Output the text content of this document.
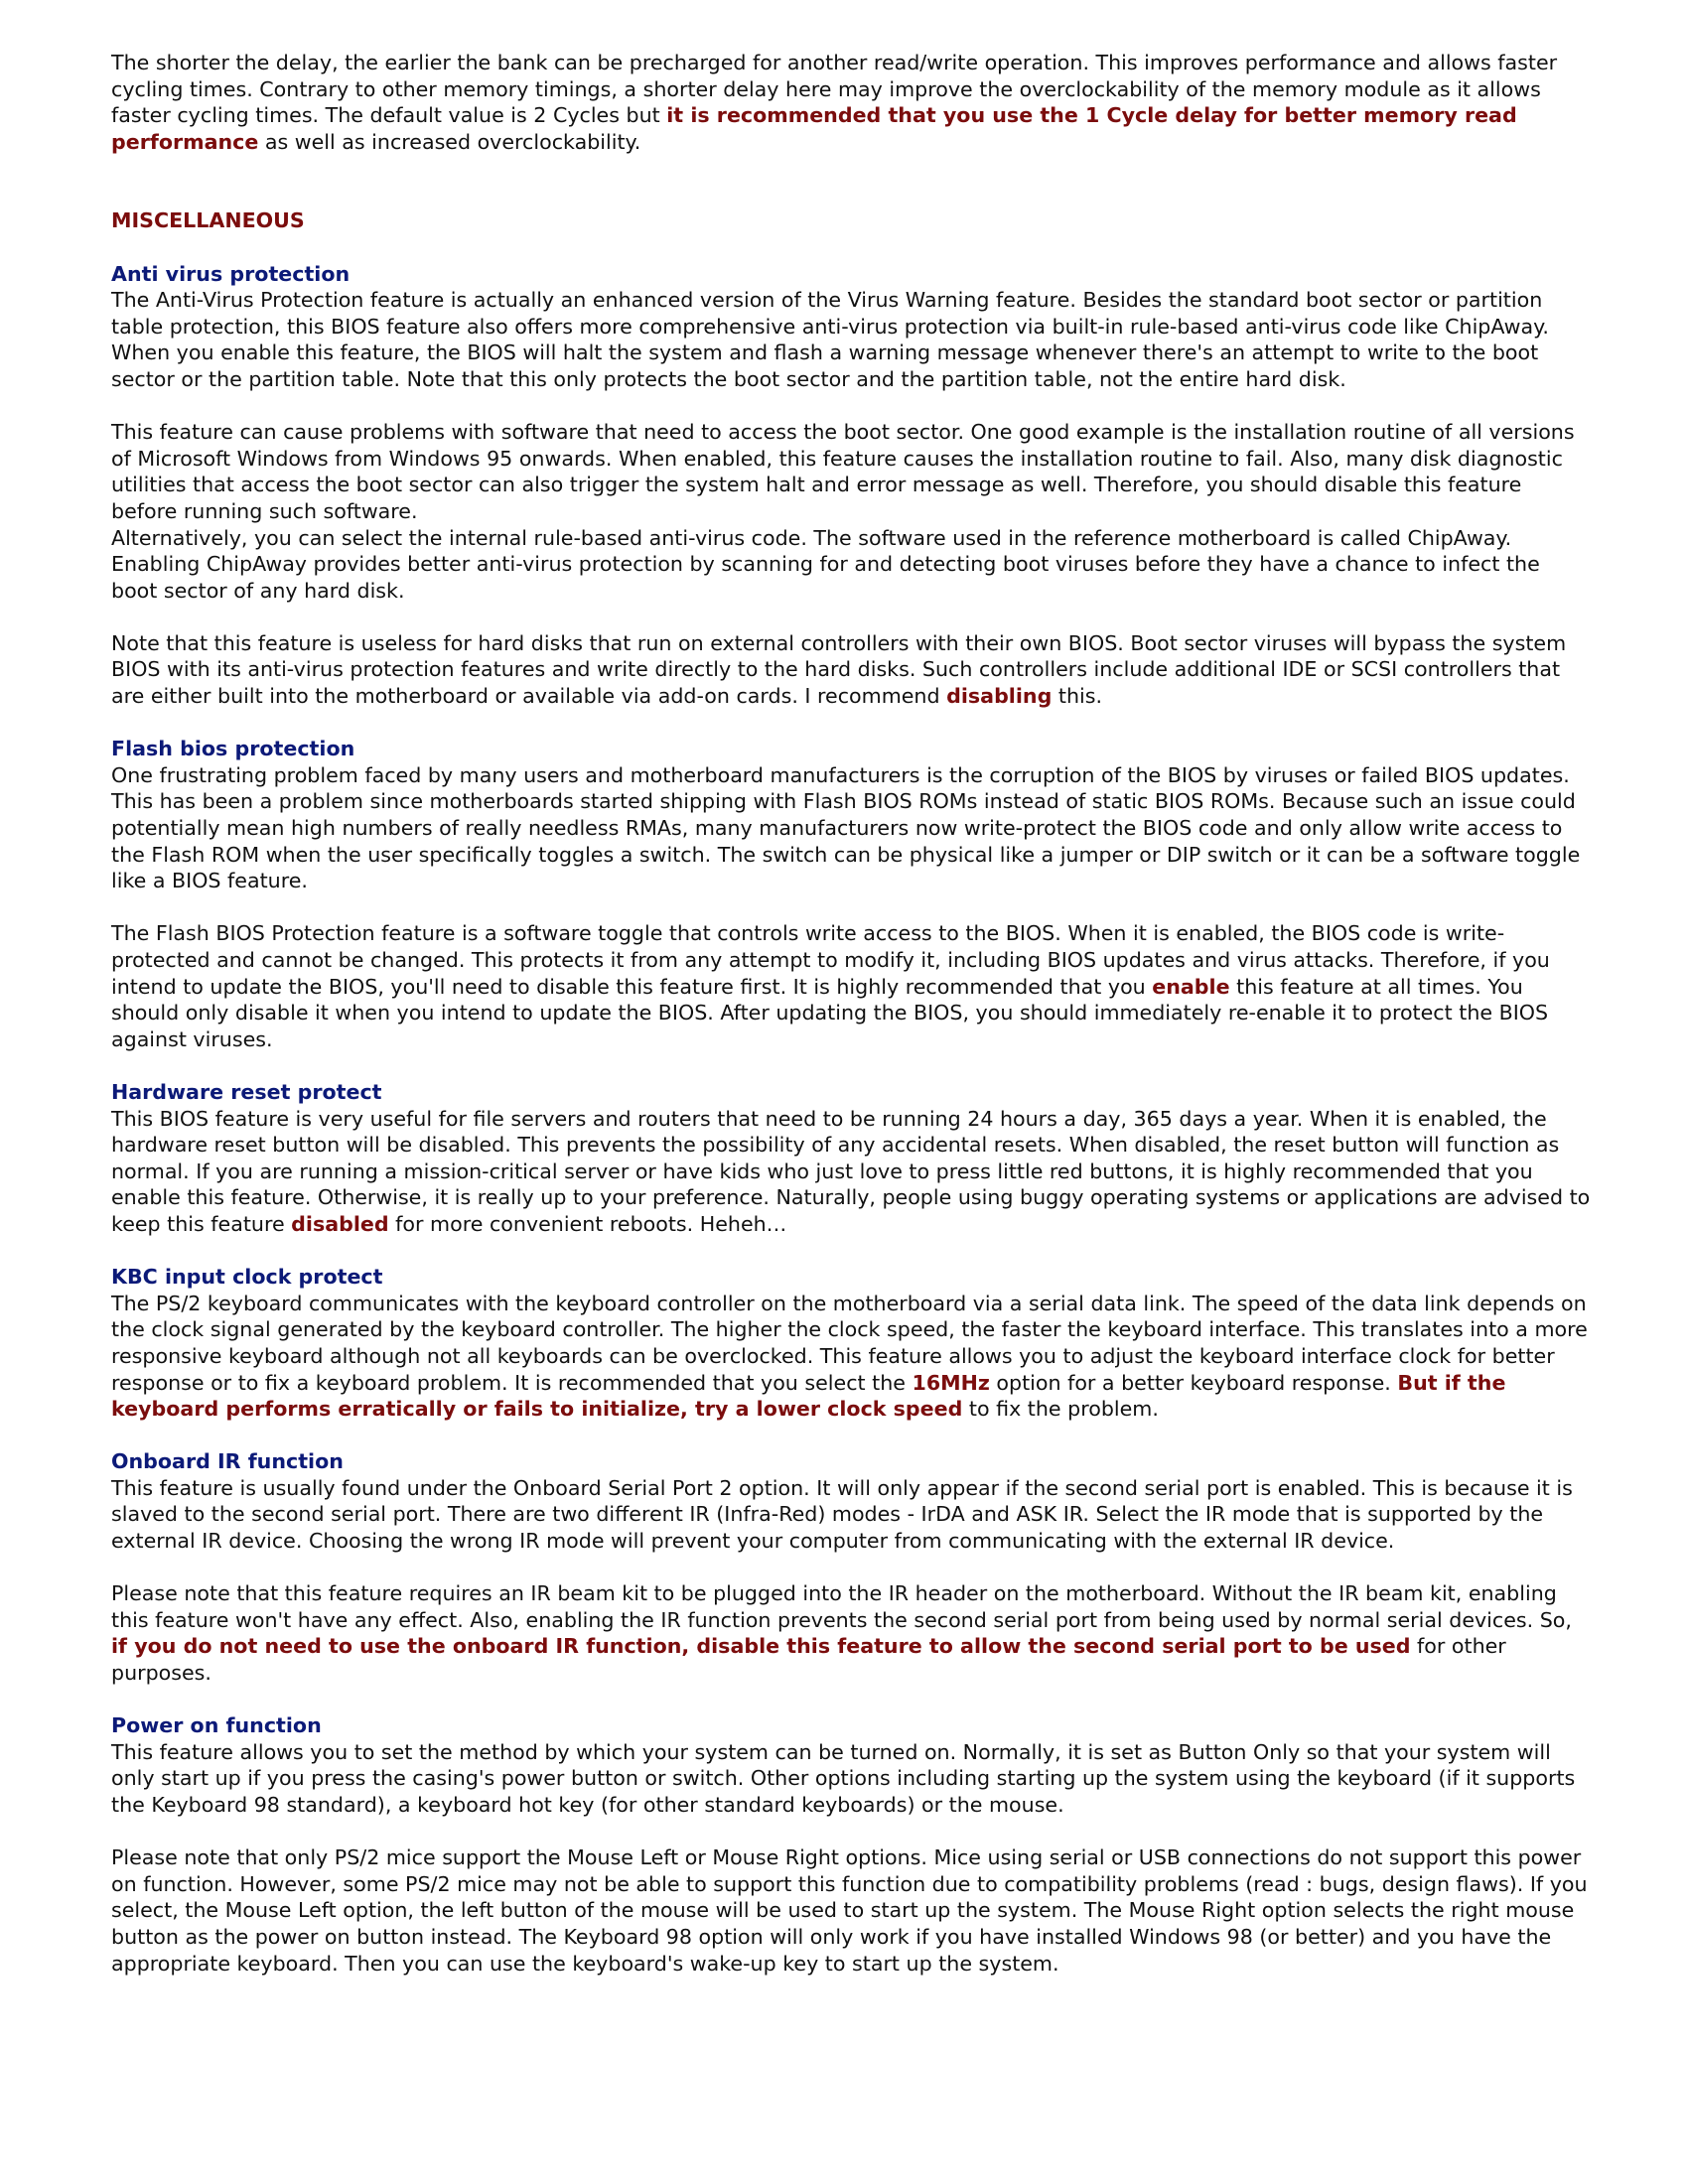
The shorter the delay, the earlier the bank can be precharged for another read/write operation. This improves performance and allows faster cycling times. Contrary to other memory timings, a shorter delay here may improve the overclockability of the memory module as it allows faster cycling times. The default value is 2 Cycles but it is recommended that you use the 1 Cycle delay for better memory read performance as well as increased overclockability.

MISCELLANEOUS
Anti virus protection

The Anti-Virus Protection feature is actually an enhanced version of the Virus Warning feature. Besides the standard boot sector or partition table protection, this BIOS feature also offers more comprehensive anti-virus protection via built-in rule-based anti-virus code like ChipAway. When you enable this feature, the BIOS will halt the system and flash a warning message whenever there's an attempt to write to the boot sector or the partition table. Note that this only protects the boot sector and the partition table, not the entire hard disk.

This feature can cause problems with software that need to access the boot sector. One good example is the installation routine of all versions of Microsoft Windows from Windows 95 onwards. When enabled, this feature causes the installation routine to fail. Also, many disk diagnostic utilities that access the boot sector can also trigger the system halt and error message as well. Therefore, you should disable this feature before running such software.

Alternatively, you can select the internal rule-based anti-virus code. The software used in the reference motherboard is called ChipAway. Enabling ChipAway provides better anti-virus protection by scanning for and detecting boot viruses before they have a chance to infect the boot sector of any hard disk.

Note that this feature is useless for hard disks that run on external controllers with their own BIOS. Boot sector viruses will bypass the system BIOS with its anti-virus protection features and write directly to the hard disks. Such controllers include additional IDE or SCSI controllers that are either built into the motherboard or available via add-on cards. I recommend disabling this.

Flash bios protection

One frustrating problem faced by many users and motherboard manufacturers is the corruption of the BIOS by viruses or failed BIOS updates. This has been a problem since motherboards started shipping with Flash BIOS ROMs instead of static BIOS ROMs. Because such an issue could potentially mean high numbers of really needless RMAs, many manufacturers now write-protect the BIOS code and only allow write access to the Flash ROM when the user specifically toggles a switch. The switch can be physical like a jumper or DIP switch or it can be a software toggle like a BIOS feature.

The Flash BIOS Protection feature is a software toggle that controls write access to the BIOS. When it is enabled, the BIOS code is write-protected and cannot be changed. This protects it from any attempt to modify it, including BIOS updates and virus attacks. Therefore, if you intend to update the BIOS, you'll need to disable this feature first. It is highly recommended that you enable this feature at all times. You should only disable it when you intend to update the BIOS. After updating the BIOS, you should immediately re-enable it to protect the BIOS against viruses.

Hardware reset protect

This BIOS feature is very useful for file servers and routers that need to be running 24 hours a day, 365 days a year. When it is enabled, the hardware reset button will be disabled. This prevents the possibility of any accidental resets. When disabled, the reset button will function as normal. If you are running a mission-critical server or have kids who just love to press little red buttons, it is highly recommended that you enable this feature. Otherwise, it is really up to your preference. Naturally, people using buggy operating systems or applications are advised to keep this feature disabled for more convenient reboots. Heheh…

KBC input clock protect

The PS/2 keyboard communicates with the keyboard controller on the motherboard via a serial data link. The speed of the data link depends on the clock signal generated by the keyboard controller. The higher the clock speed, the faster the keyboard interface. This translates into a more responsive keyboard although not all keyboards can be overclocked. This feature allows you to adjust the keyboard interface clock for better response or to fix a keyboard problem. It is recommended that you select the 16MHz option for a better keyboard response. But if the keyboard performs erratically or fails to initialize, try a lower clock speed to fix the problem.

Onboard IR function

This feature is usually found under the Onboard Serial Port 2 option. It will only appear if the second serial port is enabled. This is because it is slaved to the second serial port. There are two different IR (Infra-Red) modes - IrDA and ASK IR. Select the IR mode that is supported by the external IR device. Choosing the wrong IR mode will prevent your computer from communicating with the external IR device.

Please note that this feature requires an IR beam kit to be plugged into the IR header on the motherboard. Without the IR beam kit, enabling this feature won't have any effect. Also, enabling the IR function prevents the second serial port from being used by normal serial devices. So, if you do not need to use the onboard IR function, disable this feature to allow the second serial port to be used for other purposes.

Power on function

This feature allows you to set the method by which your system can be turned on. Normally, it is set as Button Only so that your system will only start up if you press the casing's power button or switch. Other options including starting up the system using the keyboard (if it supports the Keyboard 98 standard), a keyboard hot key (for other standard keyboards) or the mouse.

Please note that only PS/2 mice support the Mouse Left or Mouse Right options. Mice using serial or USB connections do not support this power on function. However, some PS/2 mice may not be able to support this function due to compatibility problems (read : bugs, design flaws). If you select, the Mouse Left option, the left button of the mouse will be used to start up the system. The Mouse Right option selects the right mouse button as the power on button instead. The Keyboard 98 option will only work if you have installed Windows 98 (or better) and you have the appropriate keyboard. Then you can use the keyboard's wake-up key to start up the system.
